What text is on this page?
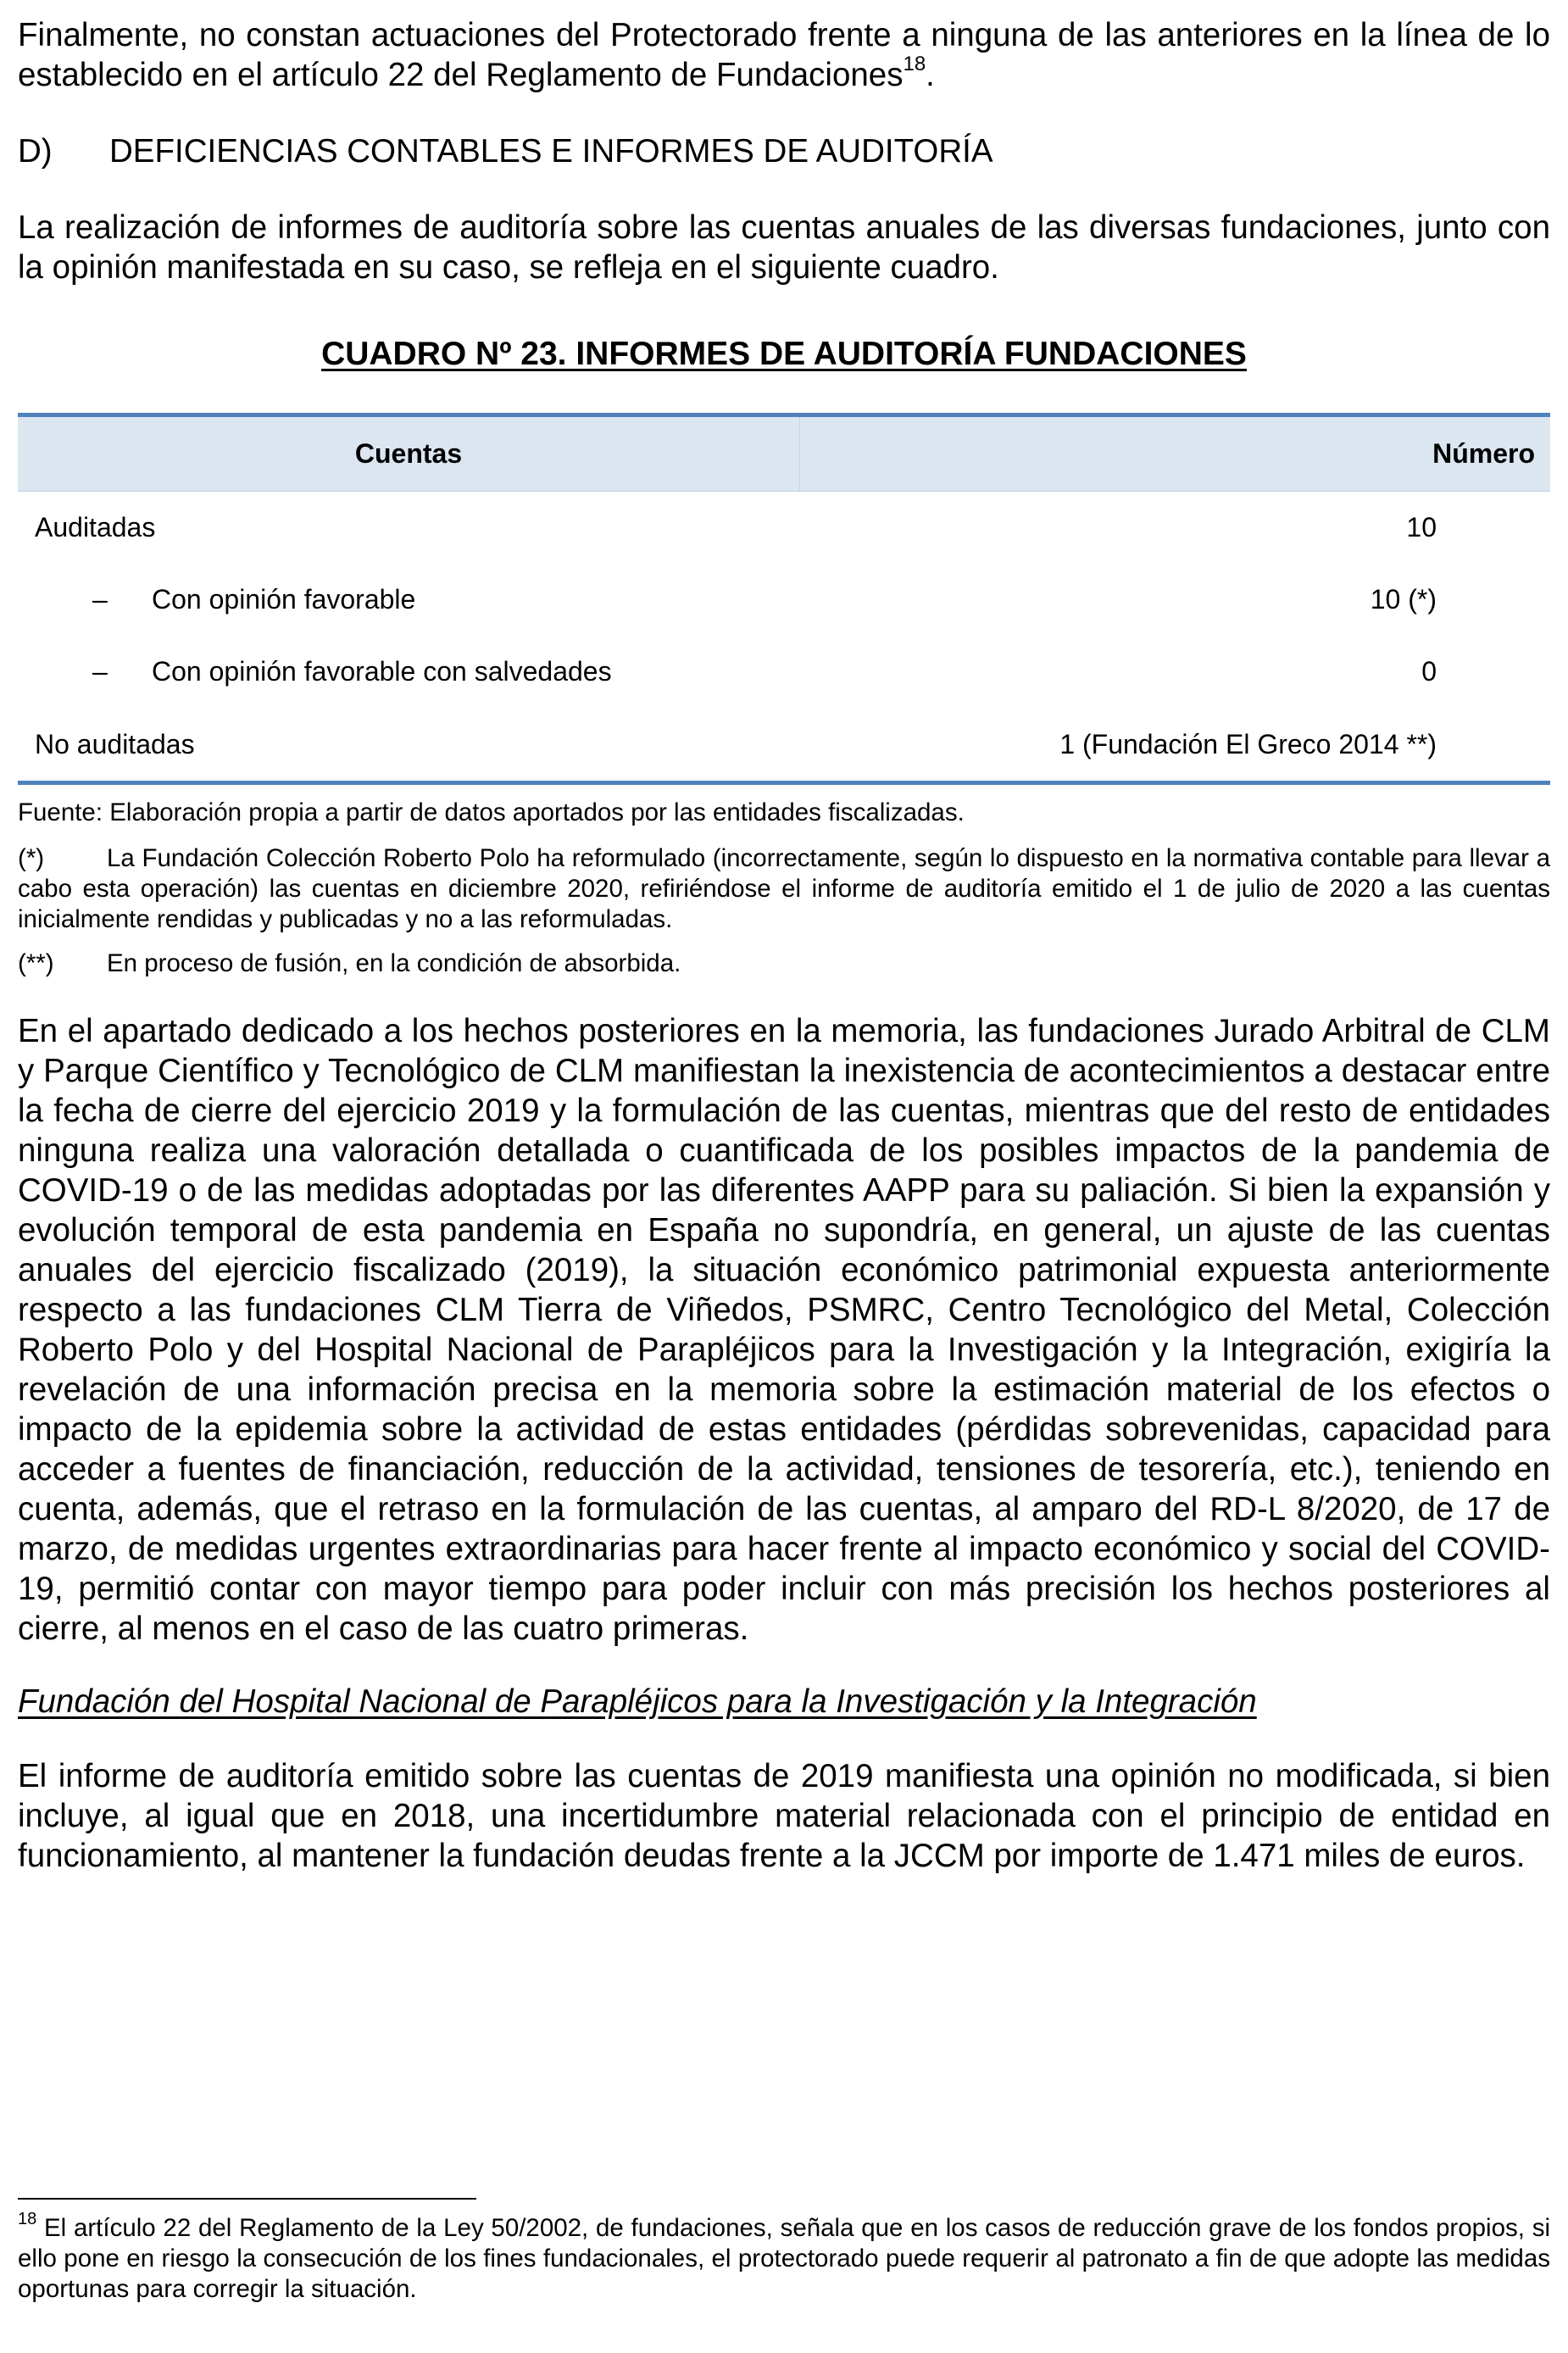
Finalmente, no constan actuaciones del Protectorado frente a ninguna de las anteriores en la línea de lo establecido en el artículo 22 del Reglamento de Fundaciones$^{18}$.

D)	DEFICIENCIAS CONTABLES E INFORMES DE AUDITORÍA

La realización de informes de auditoría sobre las cuentas anuales de las diversas fundaciones, junto con la opinión manifestada en su caso, se refleja en el siguiente cuadro.

CUADRO Nº 23. INFORMES DE AUDITORÍA FUNDACIONES
Cuentas	Número
Auditadas	10
–	Con opinión favorable	10 (*)
–	Con opinión favorable con salvedades	0
No auditadas	1 (Fundación El Greco 2014 **)

Fuente: Elaboración propia a partir de datos aportados por las entidades fiscalizadas.

(*)	La Fundación Colección Roberto Polo ha reformulado (incorrectamente, según lo dispuesto en la normativa contable para llevar a cabo esta operación) las cuentas en diciembre 2020, refiriéndose el informe de auditoría emitido el 1 de julio de 2020 a las cuentas inicialmente rendidas y publicadas y no a las reformuladas.

(**) En proceso de fusión, en la condición de absorbida.

En el apartado dedicado a los hechos posteriores en la memoria, las fundaciones Jurado Arbitral de CLM y Parque Científico y Tecnológico de CLM manifiestan la inexistencia de acontecimientos a destacar entre la fecha de cierre del ejercicio 2019 y la formulación de las cuentas, mientras que del resto de entidades ninguna realiza una valoración detallada o cuantificada de los posibles impactos de la pandemia de COVID-19 o de las medidas adoptadas por las diferentes AAPP para su paliación. Si bien la expansión y evolución temporal de esta pandemia en España no supondría, en general, un ajuste de las cuentas anuales del ejercicio fiscalizado (2019), la situación económico patrimonial expuesta anteriormente respecto a las fundaciones CLM Tierra de Viñedos, PSMRC, Centro Tecnológico del Metal, Colección Roberto Polo y del Hospital Nacional de Parapléjicos para la Investigación y la Integración, exigiría la revelación de una información precisa en la memoria sobre la estimación material de los efectos o impacto de la epidemia sobre la actividad de estas entidades (pérdidas sobrevenidas, capacidad para acceder a fuentes de financiación, reducción de la actividad, tensiones de tesorería, etc.), teniendo en cuenta, además, que el retraso en la formulación de las cuentas, al amparo del RD-L 8/2020, de 17 de marzo, de medidas urgentes extraordinarias para hacer frente al impacto económico y social del COVID-19, permitió contar con mayor tiempo para poder incluir con más precisión los hechos posteriores al cierre, al menos en el caso de las cuatro primeras.

Fundación del Hospital Nacional de Parapléjicos para la Investigación y la Integración

El informe de auditoría emitido sobre las cuentas de 2019 manifiesta una opinión no modificada, si bien incluye, al igual que en 2018, una incertidumbre material relacionada con el principio de entidad en funcionamiento, al mantener la fundación deudas frente a la JCCM por importe de 1.471 miles de euros.

$^{18}$ El artículo 22 del Reglamento de la Ley 50/2002, de fundaciones, señala que en los casos de reducción grave de los fondos propios, si ello pone en riesgo la consecución de los fines fundacionales, el protectorado puede requerir al patronato a fin de que adopte las medidas oportunas para corregir la situación.
